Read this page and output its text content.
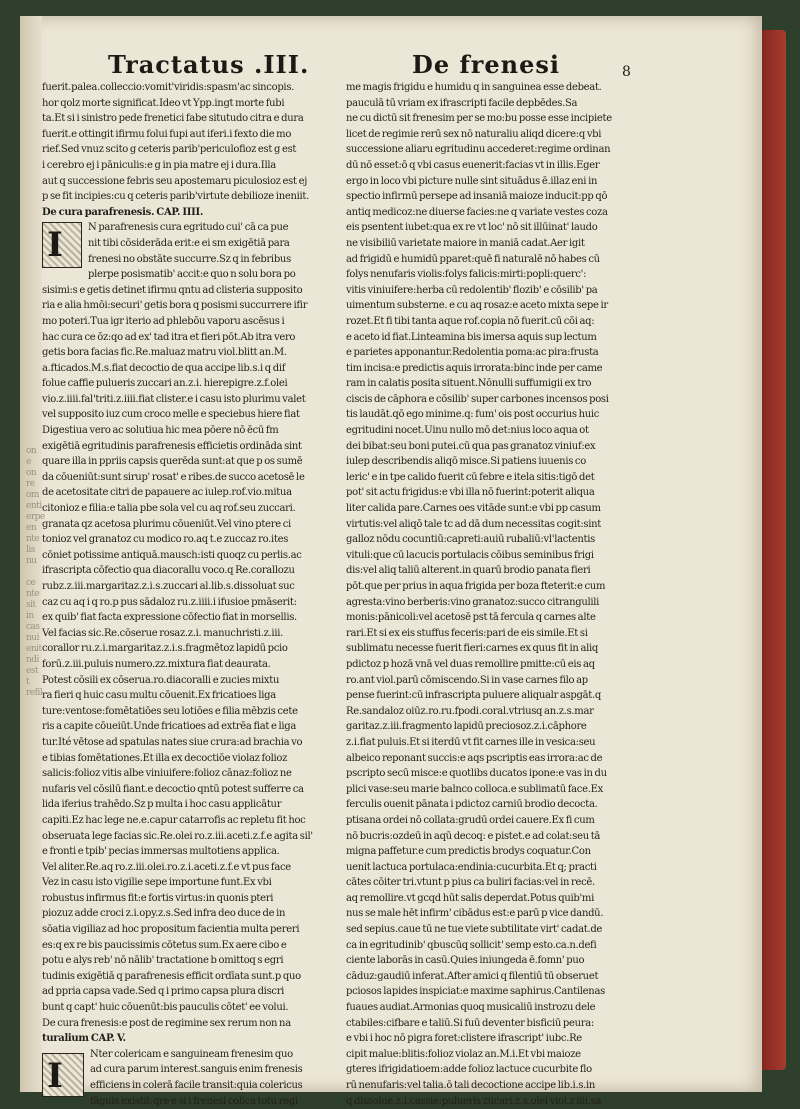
on
e
on
re
om
enti
erpe
en
nte
lis
nu

ce
nte
sit
in
cas
nui
enit
ndi
est
t
refil
Tractatus .III.	De frenesi	8
fuerit.palea.colleccio:vomit'viridis:spasm'ac sincopis.
hor qolz morte significat.Ideo vt Ypp.ingt morte fubi
ta.Et si i sinistro pede frenetici fabe situtudo citra e dura
fuerit.e ottingit ifirmu folui fupi aut iferi.i fexto die mo
rief.Sed vnuz scito g ceteris parib'periculofioz est g est
i cerebro ej i pāniculis:e g in pia matre ej i dura.Illa
aut q successione febris seu apostemaru piculosioz est ej
p se fit incipies:cu q ceteris parib'virtute debilioze ineniit.
De cura parafrenesis. CAP. IIII.
I	N parafrenesis cura egritudo cui' cā ca pue
nit tibi cōsiderāda erit:e ei sm exigētiā para
frenesi no obstāte succurre.Sz q in febribus
plerpe posismatib' accit:e quo n solu bora po
sisimi:s e getis detinet ifirmu qntu ad clisteria supposito
ria e alia hmōi:securi' getis bora q posismi succurrere ifir
mo poteri.Tua igr iterio ad phlebōu vaporu ascēsus i
hac cura ce ōz:qo ad ex' tad itra et fieri pōt.Ab itra vero
getis bora facias fic.Re.maluaz matru viol.blitt an.M.
a.fticados.M.s.fiat decoctio de qua accipe lib.s.i q dif
folue caffie pulueris zuccari an.z.i. hierepigre.z.f.olei
vio.z.iiii.fal'triti.z.iiii.fiat clister.e i casu isto plurimu valet
vel supposito iuz cum croco melle e speciebus hiere fiat
Digestiua vero ac solutiua hic mea pōere nō ēcū fm
exigētiā egritudinis parafrenesis efficietis ordināda sint
quare illa in ppriis capsis querēda sunt:at que p os sumē
da cōueniūt:sunt sirup' rosat' e ribes.de succo acetosē le
de acetositate citri de papauere ac iulep.rof.vio.mitua
citonioz e filia:e talia pbe sola vel cu aq rof.seu zuccari.
granata qz acetosa plurimu cōueniūt.Vel vino ptere ci
tonioz vel granatoz cu modico ro.aq t.e zuccaz ro.ites
cōniet potissime antiquā.mausch:isti quoqz cu perlis.ac
ifrascripta cōfectio qua diacorallu voco.q Re.corallozu
rubz.z.iii.margaritaz.z.i.s.zuccari al.lib.s.dissoluat suc
caz cu aq i q ro.p pus sādaloz ru.z.iiii.i ifusioe pmāserit:
ex quib' fiat facta expressione cōfectio fiat in morsellis.
Vel facias sic.Re.cōserue rosaz.z.i. manuchristi.z.iii.
corallor ru.z.i.margaritaz.z.i.s.fragmētoz lapidū pcio
forū.z.iii.puluis numero.zz.mixtura fiat deaurata.
Potest cōsili ex cōserua.ro.diacoralli e zucies mixtu
ra fieri q huic casu multu cōuenit.Ex fricatioes liga
ture:ventose:fomētatiōes seu lotiōes e filia mēbzis cete
ris a capite cōueiūt.Unde fricatioes ad extrēa fiat e liga
tur.Ité vētose ad spatulas nates siue crura:ad brachia vo
e tibias fomētationes.Et illa ex decoctiōe violaz folioz
salicis:folioz vitis albe viniuifere:folioz cānaz:folioz ne
nufaris vel cōsilū fiant.e decoctio qntū potest sufferre ca
lida iferius trahēdo.Sz p multa i hoc casu applicātur
capiti.Ez hac lege ne.e.capur catarrofis ac repletu fit hoc
obseruata lege facias sic.Re.olei ro.z.iii.aceti.z.f.e agita sil'
e fronti e tpib' pecias immersas multotiens applica.
Vel aliter.Re.aq ro.z.iii.olei.ro.z.i.aceti.z.f.e vt pus face
Vez in casu isto vigilie sepe importune funt.Ex vbi
robustus infirmus fit:e fortis virtus:in quonis pteri
piozuz adde croci z.i.opy.z.s.Sed infra deo duce de in
sōatia vigiliaz ad hoc propositum facientia multa pereri
es:q ex re bis paucissimis cōtetus sum.Ex aere cibo e
potu e alys reb' nō nālib' tractatione b omittoq s egri
tudinis exigētiā q parafrenesis efficit ordīata sunt.p quo
ad ppria capsa vade.Sed q i primo capsa plura discri
bunt q capt' huic cōuenūt:bis pauculis cōtet' ee volui.
De cura frenesis:e post de regimine sex rerum non na
turalium CAP. V.
I
Nter colericam e sanguineam frenesim quo
ad cura parum interest.sanguis enim frenesis
efficiens in colerā facile transit:quia colericus
fāguis existit:qre e si i frenesi colica totu regi
me magis frigidu e humidu q in sanguinea esse debeat.
pauculā tū vriam ex ifrascripti facile depbēdes.Sa
ne cu dictū sit frenesim per se mo:bu posse esse incipiete
licet de regimie rerū sex nō naturaliu aliqd dicere:q vbi
successione aliaru egritudinu accederet:regime ordinan
dū nō esset:ō q vbi casus euenerit:facias vt in illis.Eger
ergo in loco vbi picture nulle sint situādus ē.illaz eni in
spectio infirmū persepe ad insaniā maioze inducit:pp qō
antiq medicoz:ne diuerse facies:ne q variate vestes coza
eis psentent iubet:qua ex re vt loc' nō sit illūinat' laudo
ne visibiliū varietate maiore in maniā cadat.Aer igit
ad frigidū e humidū pparet:quē fi naturalē nō habes cū
folys nenufaris violis:folys falicis:mirti:popli:querc':
vitis viniuifere:herba cū redolentib' flozib' e cōsilib' pa
uimentum substerne. e cu aq rosaz:e aceto mixta sepe ir
rozet.Et fi tibi tanta aque rof.copia nō fuerit.cū cōi aq:
e aceto id fiat.Linteamina bis imersa aquis sup lectum
e parietes apponantur.Redolentia poma:ac pira:frusta
tim incisa:e predictis aquis irrorata:binc inde per came
ram in calatis posita situent.Nōnulli suffumigii ex tro
ciscis de cāphora e cōsilib' super carbones incensos posi
tis laudāt.qō ego minime.q: fum' ois post occurius huic
egritudini nocet.Uinu nullo mō det:nius loco aqua ot
dei bibat:seu boni putei.cū qua pas granatoz viniuf:ex
iulep describendis aliqō misce.Si patiens iuuenis co
leric' e in tpe calido fuerit cū febre e itela sitis:tigō det
pot' sit actu frigidus:e vbi illa nō fuerint:poterit aliqua
liter calida pare.Carnes oes vitāde sunt:e vbi pp casum
virtutis:vel aliqō tale tc ad dā dum necessitas cogit:sint
galloz nōdu cocuntiū:capreti:auiū rubaliū:vl'lactentis
vituli:que cū lacucis portulacis cōibus seminibus frigi
dis:vel aliq taliū alterent.in quarū brodio panata fieri
pōt.que per prius in aqua frigida per boza fteterit:e cum
agresta:vino berberis:vino granatoz:succo citrangulili
monis:pānicoli:vel acetosē pst tā fercula q carnes alte
rari.Et si ex eis stuffus feceris:pari de eis simile.Et si
sublimatu necesse fuerit fieri:carnes ex quus fit in aliq
pdictoz p hozā vnā vel duas remollire pmitte:cū eis aq
ro.ant viol.parū cōmiscendo.Si in vase carnes filo ap
pense fuerint:cū infrascripta puluere aliqualr aspgāt.q
Re.sandaloz oiūz.ro.ru.fpodi.coral.vtriusq an.z.s.mar
garitaz.z.iii.fragmento lapidū preciosoz.z.i.cāphore
z.i.fiat puluis.Et si iterdū vt fit carnes ille in vesica:seu
albeico reponant succis:e aqs pscriptis eas irrora:ac de
pscripto secū misce:e quotlibs ducatos ipone:e vas in du
plici vase:seu marie balnco colloca.e sublimatū face.Ex
ferculis ouenit pānata i pdictoz carniū brodio decocta.
ptisana ordei nō collata:grudū ordei cauere.Ex fi cum
nō bucris:ozdeū in aqū decoq: e pistet.e ad colat:seu tā
migna paffetur.e cum predictis brodys coquatur.Con
uenit lactuca portulaca:endinia:cucurbita.Et q; practi
cātes cōiter tri.vtunt p pius ca buliri facias:vel in recē.
aq remollire.vt gcqd hūt salis deperdat.Potus quib'mi
nus se male hēt infirm' cibādus est:e parū p vice dandū.
sed sepius.caue tū ne tue viete subtilitate virt' cadat.de
ca in egritudinib' qbuscūq sollicit' semp esto.ca.n.defi
ciente laborās in casū.Quies iniungeda ē.fomn' puo
cāduz:gaudiū inferat.After amici q filentiū tū obseruet
pciosos lapides inspiciat:e maxime saphirus.Cantilenas
fuaues audiat.Armonias quoq musicaliū instrozu dele
ctabiles:cifbare e taliū.Si fuū deventer bisficiū peura:
e vbi i hoc nō pigra foret:clistere ifrascript' iubc.Re
cipit malue:blitis:folioz violaz an.M.i.Et vbi maioze
gteres ifrigidatioem:adde folioz lactuce cucurbite flo
rū nenufaris:vel talia.ō tali decoctione accipe lib.i.s.in
q dissolue.z.i.cassie:pulueris zucari.z.s.olei viol.z iiii.sa
